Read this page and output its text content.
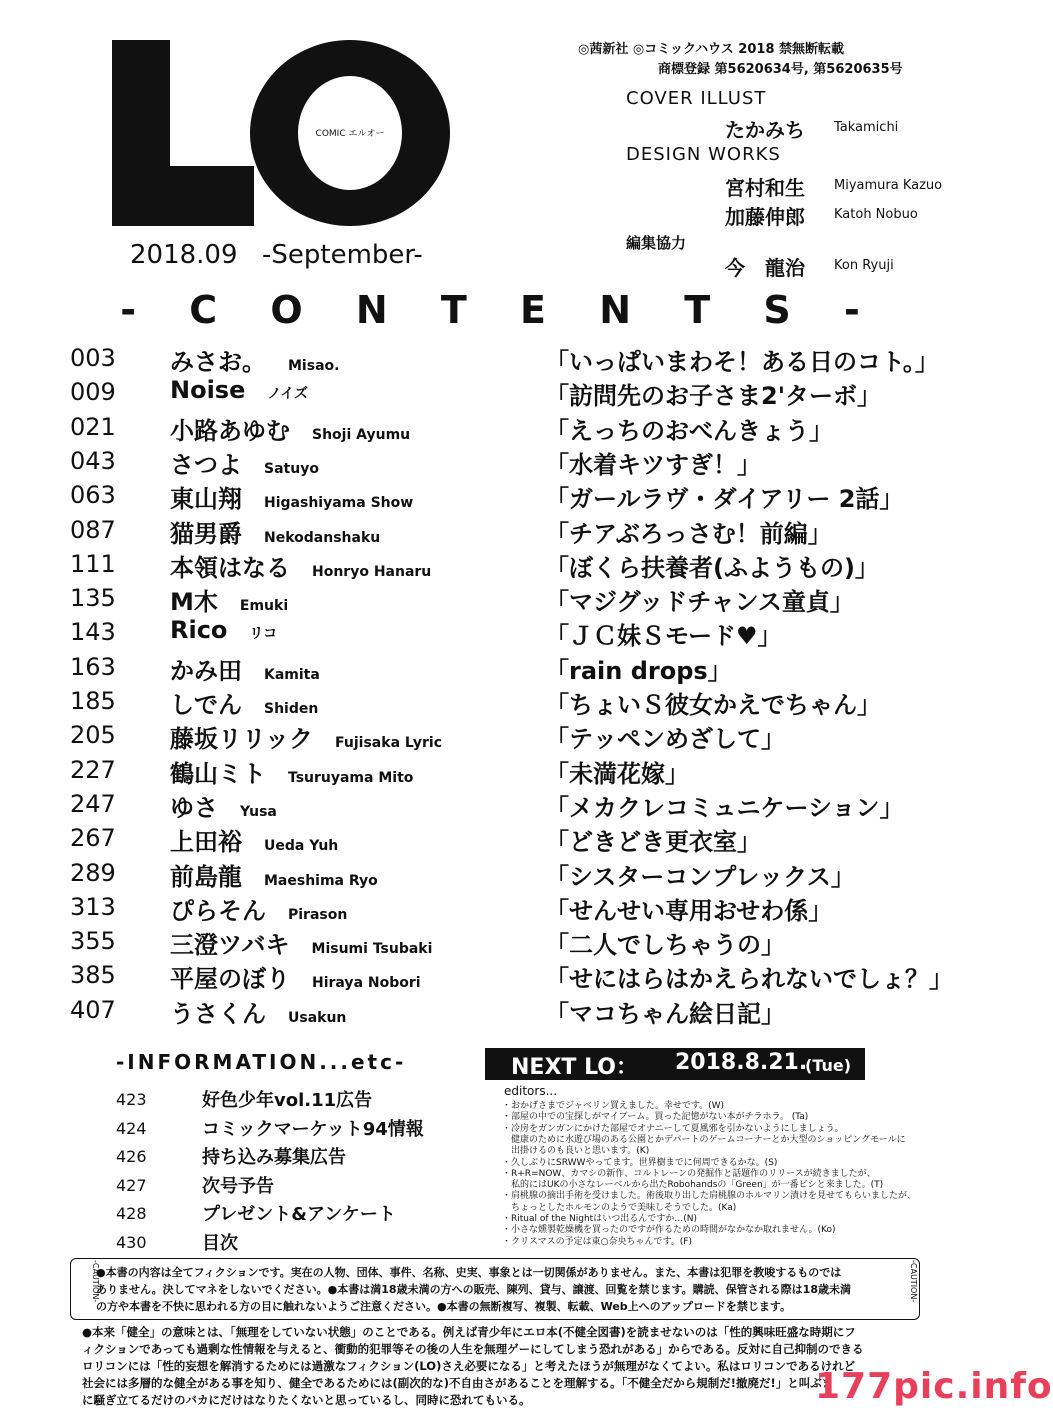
COMIC エルオー
2018.09 -September-
◎茜新社 ◎コミックハウス 2018 禁無断転載
商標登録 第5620634号, 第5620635号
COVER ILLUST
たかみち Takamichi
DESIGN WORKS
宮村和生 Miyamura Kazuo
加藤伸郎 Katoh Nobuo
編集協力
今　龍治 Kon Ryuji
- C O N T E N T S -
003 みさお。 Misao.	「いっぱいまわそ！ある日のコト。」
009 Noise ノイズ	「訪問先のお子さま2'ターボ」
021 小路あゆむ Shoji Ayumu	「えっちのおべんきょう」
043 さつよ Satuyo	「水着キツすぎ！」
063 東山翔 Higashiyama Show	「ガールラヴ・ダイアリー 2話」
087 猫男爵 Nekodanshaku	「チアぶろっさむ！前編」
111 本領はなる Honryo Hanaru	「ぼくら扶養者(ふようもの)」
135 M木 Emuki	「マジグッドチャンス童貞」
143 Rico リコ	「ＪＣ妹Ｓモード♥」
163 かみ田 Kamita	「rain drops」
185 しでん Shiden	「ちょいＳ彼女かえでちゃん」
205 藤坂リリック Fujisaka Lyric	「テッペンめざして」
227 鶴山ミト Tsuruyama Mito	「未満花嫁」
247 ゆさ Yusa	「メカクレコミュニケーション」
267 上田裕 Ueda Yuh	「どきどき更衣室」
289 前島龍 Maeshima Ryo	「シスターコンプレックス」
313 ぴらそん Pirason	「せんせい専用おせわ係」
355 三澄ツバキ Misumi Tsubaki	「二人でしちゃうの」
385 平屋のぼり Hiraya Nobori	「せにはらはかえられないでしょ？」
407 うさくん Usakun	「マコちゃん絵日記」
-INFORMATION...etc-
423	好色少年vol.11広告
424	コミックマーケット94情報
426	持ち込み募集広告
427	次号予告
428	プレゼント&アンケート
430	目次
NEXT LO： 2018.8.21.
(Tue)
editors...
・おかげさまでジャベリン買えました。幸せです。(W)
・部屋の中での宝探しがマイブーム。買った記憶がない本がチラホラ。 (Ta)
・冷房をガンガンにかけた部屋でオナニーして夏風邪を引かないようにしましょう。
　健康のために水遊び場のある公園とかデパートのゲームコーナーとか大型のショッピングモールに
　出掛けるのも良いと思います。(K)
・久しぶりにSRWWやってます。世界樹までに何周できるかな。(S)
・R+R=NOW、カマシの新作、コルトレーンの発掘作と話題作のリリースが続きましたが、
　私的にはUKの小さなレーベルから出たRobohandsの「Green」が一番ビシと来ました。(T)
・肩桃腺の摘出手術を受けました。術後取り出した肩桃腺のホルマリン漬けを見せてもらいましたが、
　ちょっとしたホルモンのようで美味しそうでした。(Ka)
・Ritual of the Nightはいつ出るんですか…(N)
・小さな燻製乾燥機を買ったのですが作るための時間がなかなか取れません。(Ko)
・クリスマスの予定は東○奈央ちゃんです。(F)
-CAUTION-	-CAUTION-
●本書の内容は全てフィクションです。実在の人物、団体、事件、名称、史実、事象とは一切関係がありません。また、本書は犯罪を教唆するものでは
ありません。決してマネをしないでください。●本書は満18歳未満の方への販売、陳列、貸与、譲渡、回覧を禁じます。購読、保管される際は18歳未満
の方や本書を不快に思われる方の目に触れないようご注意ください。●本書の無断複写、複製、転載、Web上へのアップロードを禁じます。
●本来「健全」の意味とは、「無理をしていない状態」のことである。例えば青少年にエロ本(不健全図書)を読ませないのは「性的興味旺盛な時期にフ
ィクションであっても過剰な性情報を与えると、衝動的犯罪等その後の人生を無理ゲーにしてしまう恐れがある」からである。反対に自己抑制のできる
ロリコンには「性的妄想を解消するためには過激なフィクション(LO)さえ必要になる」と考えたほうが無理がなくてよい。私はロリコンであるけれど
社会には多層的な健全がある事を知り、健全であるためには(副次的な)不自由さがあることを理解する。「不健全だから規制だ!撤廃だ!」と叫ぶま
に騒ぎ立てるだけのバカにだけはなりたくないと思っているし、同時に恐れてもいる。	177pic.info
